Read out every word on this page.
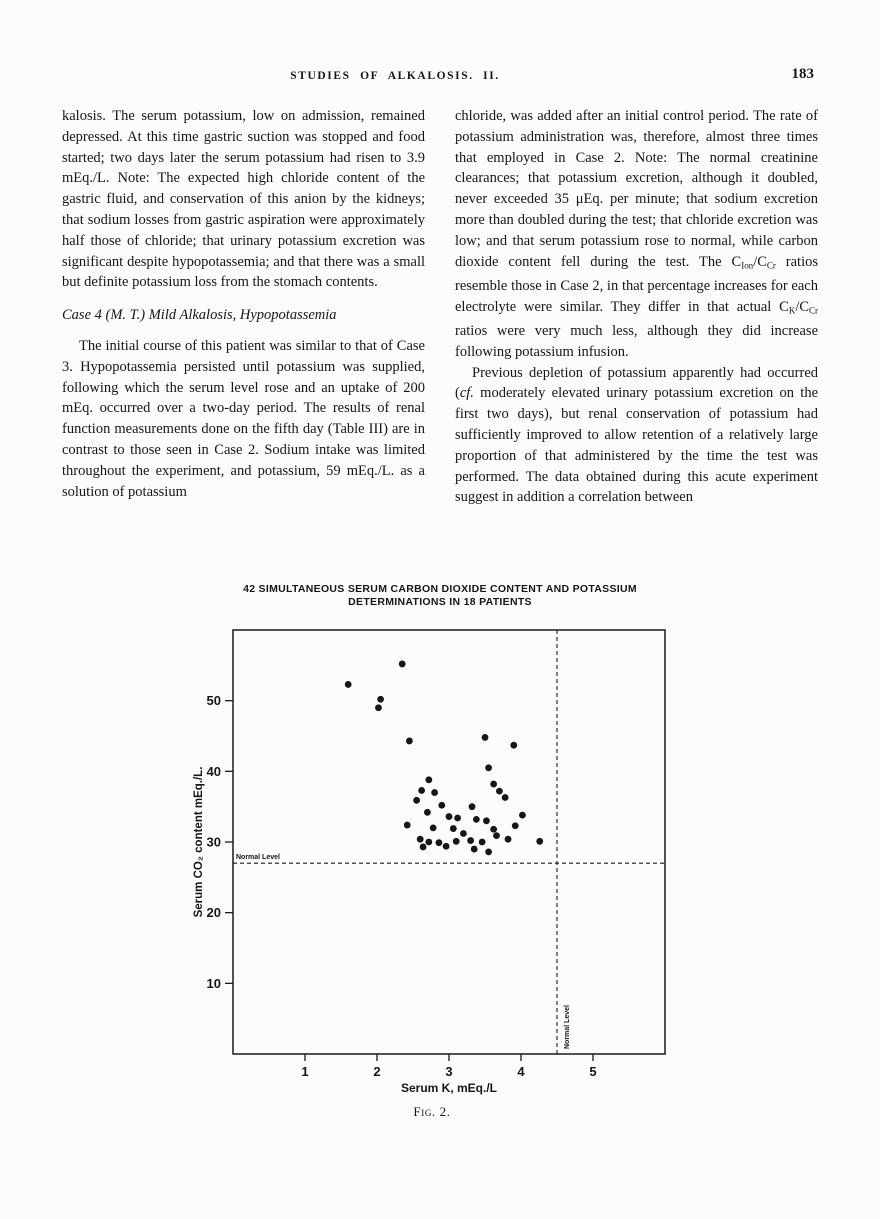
STUDIES OF ALKALOSIS. II.	183

kalosis. The serum potassium, low on admission, remained depressed. At this time gastric suction was stopped and food started; two days later the serum potassium had risen to 3.9 mEq./L. Note: The expected high chloride content of the gastric fluid, and conservation of this anion by the kidneys; that sodium losses from gastric aspiration were approximately half those of chloride; that urinary potassium excretion was significant despite hypopotassemia; and that there was a small but definite potassium loss from the stomach contents.

Case 4 (M. T.) Mild Alkalosis, Hypopotassemia

The initial course of this patient was similar to that of Case 3. Hypopotassemia persisted until potassium was supplied, following which the serum level rose and an uptake of 200 mEq. occurred over a two-day period. The results of renal function measurements done on the fifth day (Table III) are in contrast to those seen in Case 2. Sodium intake was limited throughout the experiment, and potassium, 59 mEq./L. as a solution of potassium

chloride, was added after an initial control period. The rate of potassium administration was, therefore, almost three times that employed in Case 2. Note: The normal creatinine clearances; that potassium excretion, although it doubled, never exceeded 35 μEq. per minute; that sodium excretion more than doubled during the test; that chloride excretion was low; and that serum potassium rose to normal, while carbon dioxide content fell during the test. The $C_{Ion}/C_{Cr}$ ratios resemble those in Case 2, in that percentage increases for each electrolyte were similar. They differ in that actual $C_K/C_{Cr}$ ratios were very much less, although they did increase following potassium infusion.

Previous depletion of potassium apparently had occurred (cf. moderately elevated urinary potassium excretion on the first two days), but renal conservation of potassium had sufficiently improved to allow retention of a relatively large proportion of that administered by the time the test was performed. The data obtained during this acute experiment suggest in addition a correlation between

42 SIMULTANEOUS SERUM CARBON DIOXIDE CONTENT AND POTASSIUM
DETERMINATIONS IN 18 PATIENTS
Serum CO₂ content mEq./L.	Normal Level
Normal Level
Serum K, mEq./L
Fig. 2.
1	2	3	4	5
10
20
30
40
50
